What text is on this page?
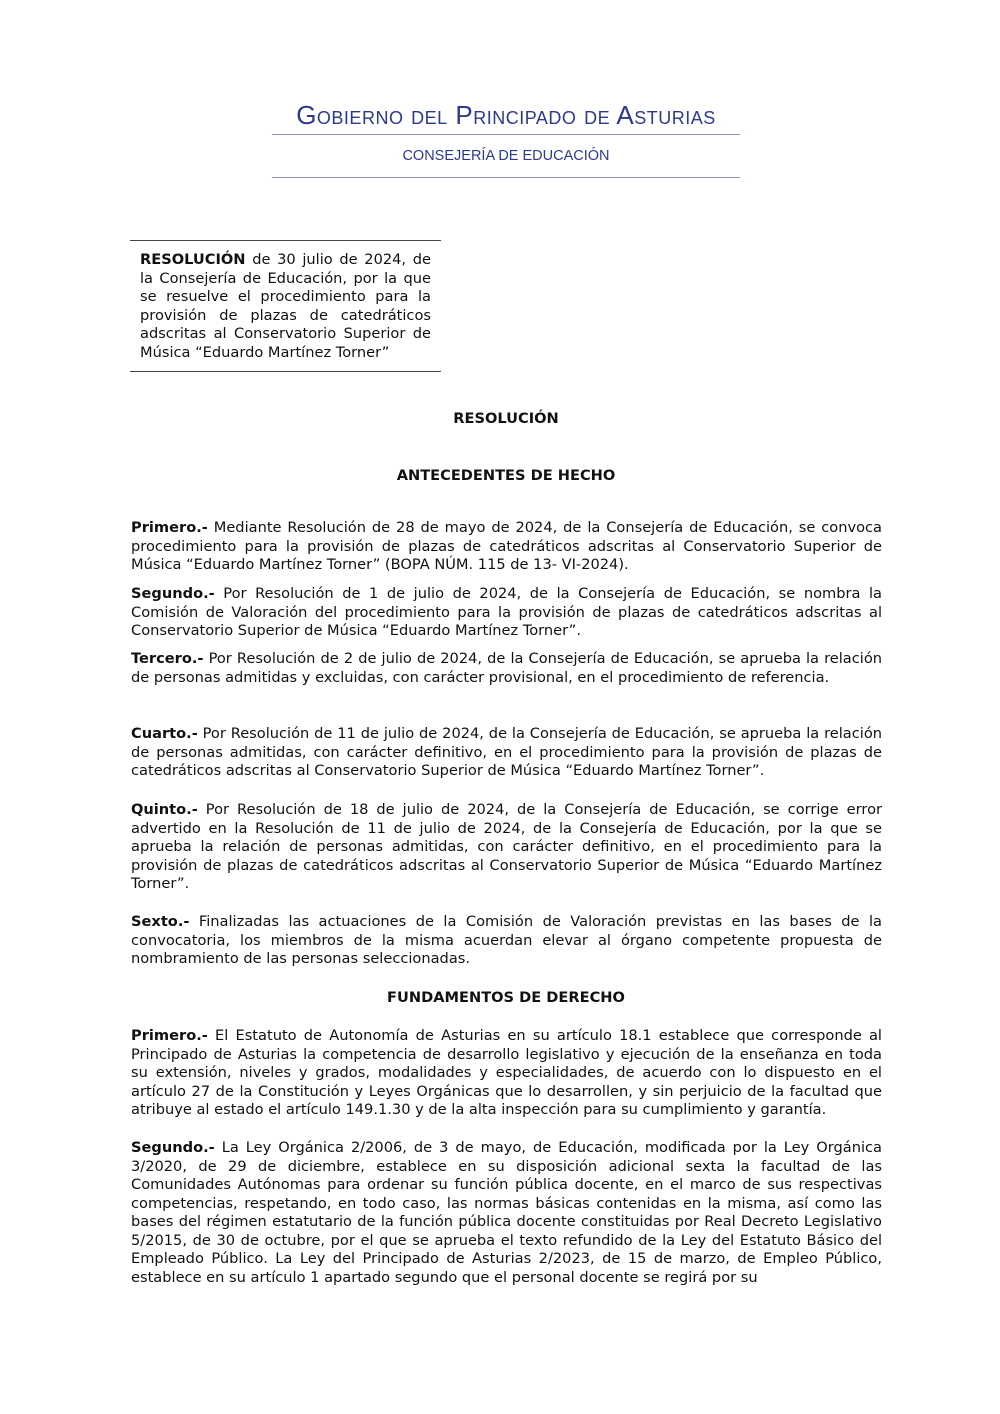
Gobierno del Principado de Asturias
CONSEJERÍA DE EDUCACIÓN
RESOLUCIÓN de 30 julio de 2024, de la Consejería de Educación, por la que se resuelve el procedimiento para la provisión de plazas de catedráticos adscritas al Conservatorio Superior de Música “Eduardo Martínez Torner”
RESOLUCIÓN
ANTECEDENTES DE HECHO

Primero.- Mediante Resolución de 28 de mayo de 2024, de la Consejería de Educación, se convoca procedimiento para la provisión de plazas de catedráticos adscritas al Conservatorio Superior de Música “Eduardo Martínez Torner” (BOPA NÚM. 115 de 13- VI-2024).

Segundo.- Por Resolución de 1 de julio de 2024, de la Consejería de Educación, se nombra la Comisión de Valoración del procedimiento para la provisión de plazas de catedráticos adscritas al Conservatorio Superior de Música “Eduardo Martínez Torner”.

Tercero.- Por Resolución de 2 de julio de 2024, de la Consejería de Educación, se aprueba la relación de personas admitidas y excluidas, con carácter provisional, en el procedimiento de referencia.

Cuarto.- Por Resolución de 11 de julio de 2024, de la Consejería de Educación, se aprueba la relación de personas admitidas, con carácter definitivo, en el procedimiento para la provisión de plazas de catedráticos adscritas al Conservatorio Superior de Música “Eduardo Martínez Torner”.

Quinto.- Por Resolución de 18 de julio de 2024, de la Consejería de Educación, se corrige error advertido en la Resolución de 11 de julio de 2024, de la Consejería de Educación, por la que se aprueba la relación de personas admitidas, con carácter definitivo, en el procedimiento para la provisión de plazas de catedráticos adscritas al Conservatorio Superior de Música “Eduardo Martínez Torner”.

Sexto.- Finalizadas las actuaciones de la Comisión de Valoración previstas en las bases de la convocatoria, los miembros de la misma acuerdan elevar al órgano competente propuesta de nombramiento de las personas seleccionadas.

FUNDAMENTOS DE DERECHO

Primero.- El Estatuto de Autonomía de Asturias en su artículo 18.1 establece que corresponde al Principado de Asturias la competencia de desarrollo legislativo y ejecución de la enseñanza en toda su extensión, niveles y grados, modalidades y especialidades, de acuerdo con lo dispuesto en el artículo 27 de la Constitución y Leyes Orgánicas que lo desarrollen, y sin perjuicio de la facultad que atribuye al estado el artículo 149.1.30 y de la alta inspección para su cumplimiento y garantía.

Segundo.- La Ley Orgánica 2/2006, de 3 de mayo, de Educación, modificada por la Ley Orgánica 3/2020, de 29 de diciembre, establece en su disposición adicional sexta la facultad de las Comunidades Autónomas para ordenar su función pública docente, en el marco de sus respectivas competencias, respetando, en todo caso, las normas básicas contenidas en la misma, así como las bases del régimen estatutario de la función pública docente constituidas por Real Decreto Legislativo 5/2015, de 30 de octubre, por el que se aprueba el texto refundido de la Ley del Estatuto Básico del Empleado Público. La Ley del Principado de Asturias 2/2023, de 15 de marzo, de Empleo Público, establece en su artículo 1 apartado segundo que el personal docente se regirá por su
